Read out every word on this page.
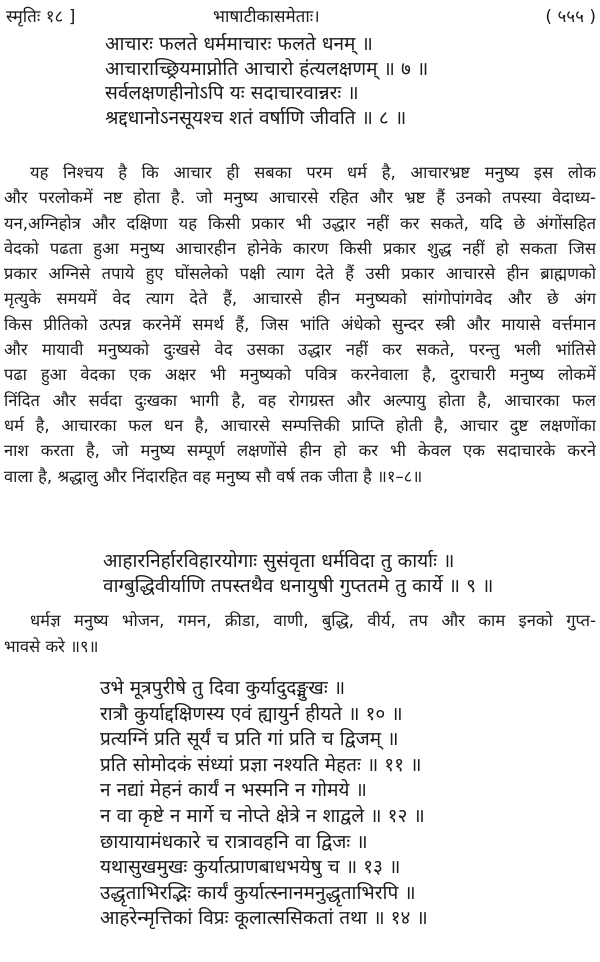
स्मृतिः १८ ]	भाषाटीकासमेताः।	( ५५५ )
आचारः फलते धर्ममाचारः फलते धनम् ॥
आचाराच्छ्रियमाप्नोति आचारो हंत्यलक्षणम् ॥ ७ ॥
सर्वलक्षणहीनोऽपि यः सदाचारवान्नरः ॥
श्रद्दधानोऽनसूयश्च शतं वर्षाणि जीवति ॥ ८ ॥
यह निश्चय है कि आचार ही सबका परम धर्म है, आचारभ्रष्ट मनुष्य इस लोक
और परलोकमें नष्ट होता है. जो मनुष्य आचारसे रहित और भ्रष्ट हैं उनको तपस्या वेदाध्य-
यन,अग्निहोत्र और दक्षिणा यह किसी प्रकार भी उद्धार नहीं कर सकते, यदि छे अंगोंसहित
वेदको पढता हुआ मनुष्य आचारहीन होनेके कारण किसी प्रकार शुद्ध नहीं हो सकता जिस
प्रकार अग्निसे तपाये हुए घोंसलेको पक्षी त्याग देते हैं उसी प्रकार आचारसे हीन ब्राह्मणको
मृत्युके समयमें वेद त्याग देते हैं, आचारसे हीन मनुष्यको सांगोपांगवेद और छे अंग
किस प्रीतिको उत्पन्न करनेमें समर्थ हैं, जिस भांति अंधेको सुन्दर स्त्री और मायासे वर्त्तमान
और मायावी मनुष्यको दुःखसे वेद उसका उद्धार नहीं कर सकते, परन्तु भली भांतिसे
पढा हुआ वेदका एक अक्षर भी मनुष्यको पवित्र करनेवाला है, दुराचारी मनुष्य लोकमें
निंदित और सर्वदा दुःखका भागी है, वह रोगग्रस्त और अल्पायु होता है, आचारका फल
धर्म है, आचारका फल धन है, आचारसे सम्पत्तिकी प्राप्ति होती है, आचार दुष्ट लक्षणोंका
नाश करता है, जो मनुष्य सम्पूर्ण लक्षणोंसे हीन हो कर भी केवल एक सदाचारके करने
वाला है, श्रद्धालु और निंदारहित वह मनुष्य सौ वर्ष तक जीता है ॥१–८॥
आहारनिर्हारविहारयोगाः सुसंवृता धर्मविदा तु कार्याः ॥
वाग्बुद्धिवीर्याणि तपस्तथैव धनायुषी गुप्ततमे तु कार्ये ॥ ९ ॥
धर्मज्ञ मनुष्य भोजन, गमन, क्रीडा, वाणी, बुद्धि, वीर्य, तप और काम इनको गुप्त-
भावसे करे ॥९॥
उभे मूत्रपुरीषे तु दिवा कुर्यादुदङ्मुखः ॥
रात्रौ कुर्याद्दक्षिणस्य एवं ह्यायुर्न हीयते ॥ १० ॥
प्रत्यग्निं प्रति सूर्यं च प्रति गां प्रति च द्विजम् ॥
प्रति सोमोदकं संध्यां प्रज्ञा नश्यति मेहतः ॥ ११ ॥
न नद्यां मेहनं कार्यं न भस्मनि न गोमये ॥
न वा कृष्टे न मार्गे च नोप्ते क्षेत्रे न शाद्वले ॥ १२ ॥
छायायामंधकारे च रात्रावहनि वा द्विजः ॥
यथासुखमुखः कुर्यात्प्राणबाधभयेषु च ॥ १३ ॥
उद्धृताभिरद्भिः कार्यं कुर्यात्स्नानमनुद्धृताभिरपि ॥
आहरेन्मृत्तिकां विप्रः कूलात्ससिकतां तथा ॥ १४ ॥
